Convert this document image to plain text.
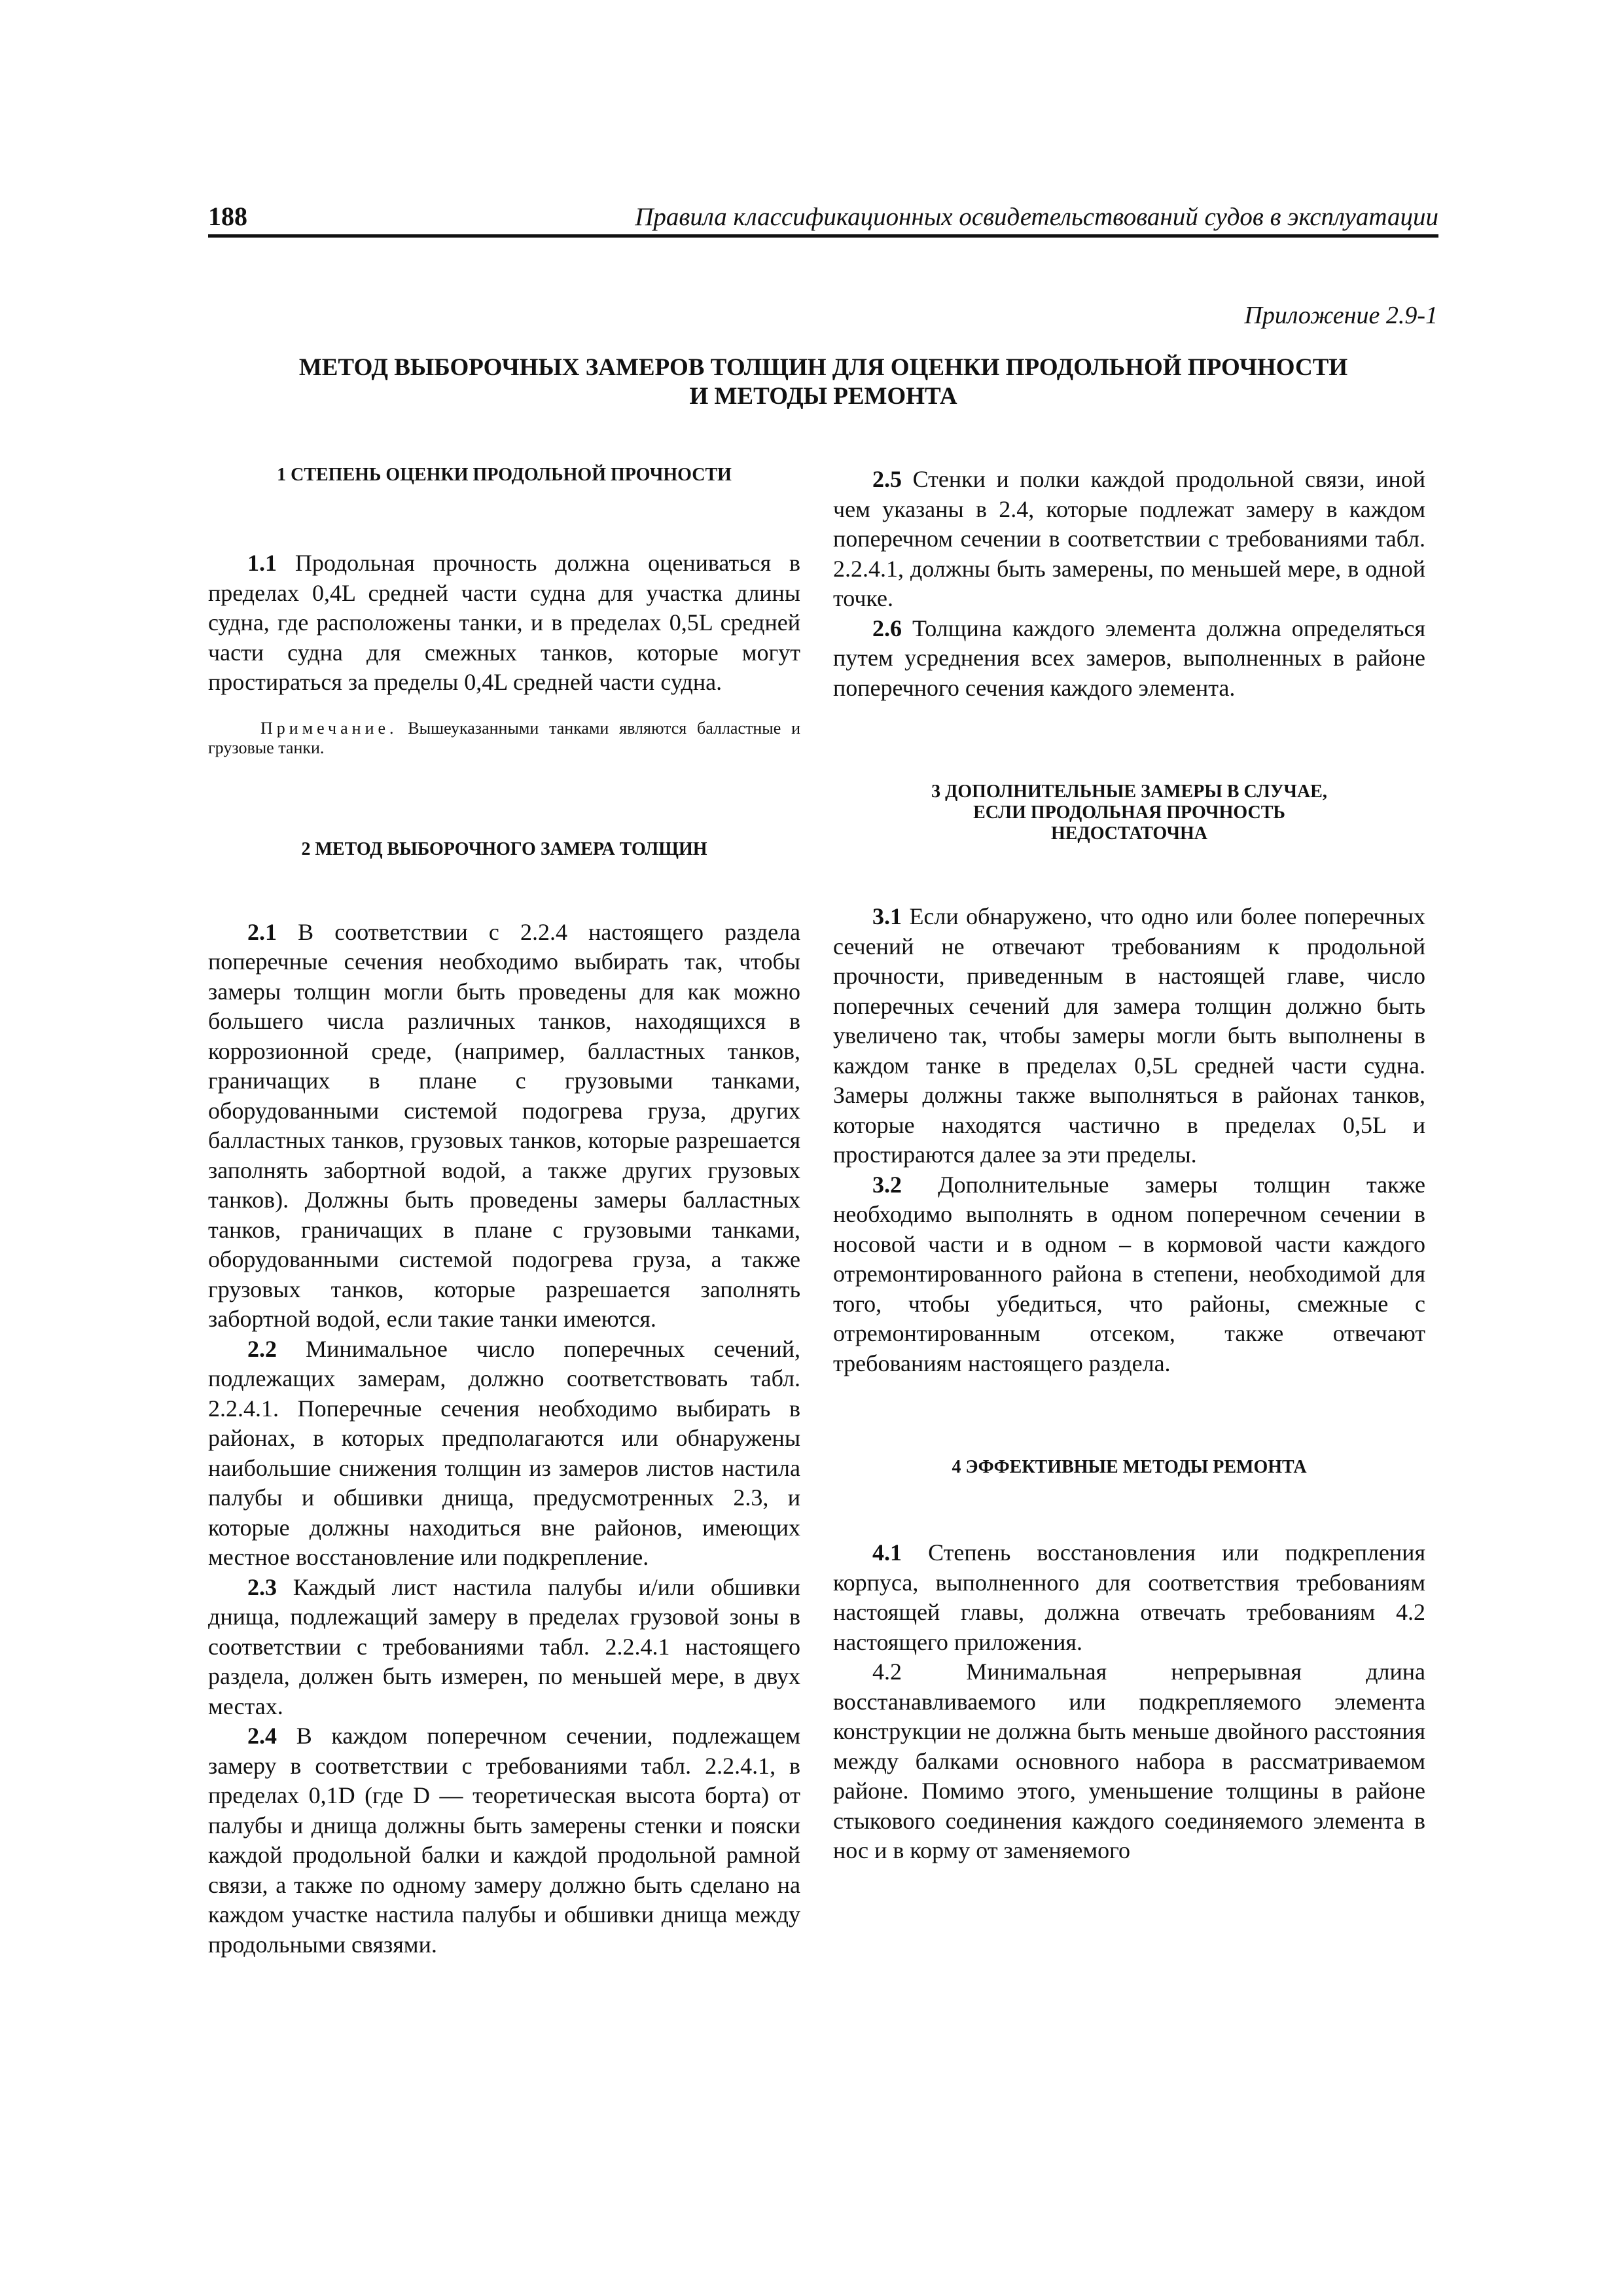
188	Правила классификационных освидетельствований судов в эксплуатации
Приложение 2.9-1
МЕТОД ВЫБОРОЧНЫХ ЗАМЕРОВ ТОЛЩИН ДЛЯ ОЦЕНКИ ПРОДОЛЬНОЙ ПРОЧНОСТИ
И МЕТОДЫ РЕМОНТА
1 СТЕПЕНЬ ОЦЕНКИ ПРОДОЛЬНОЙ ПРОЧНОСТИ

1.1 Продольная прочность должна оцениваться в пределах 0,4L средней части судна для участка длины судна, где расположены танки, и в пределах 0,5L средней части судна для смежных танков, которые могут простираться за пределы 0,4L средней части судна.

Примечание. Вышеуказанными танками являются балластные и грузовые танки.

2 МЕТОД ВЫБОРОЧНОГО ЗАМЕРА ТОЛЩИН

2.1 В соответствии с 2.2.4 настоящего раздела поперечные сечения необходимо выбирать так, чтобы замеры толщин могли быть проведены для как можно большего числа различных танков, находящихся в коррозионной среде, (например, балластных танков, граничащих в плане с грузовыми танками, оборудованными системой подогрева груза, других балластных танков, грузовых танков, которые разрешается заполнять забортной водой, а также других грузовых танков). Должны быть проведены замеры балластных танков, граничащих в плане с грузовыми танками, оборудованными системой подогрева груза, а также грузовых танков, которые разрешается заполнять забортной водой, если такие танки имеются.

2.2 Минимальное число поперечных сечений, подлежащих замерам, должно соответствовать табл. 2.2.4.1. Поперечные сечения необходимо выбирать в районах, в которых предполагаются или обнаружены наибольшие снижения толщин из замеров листов настила палубы и обшивки днища, предусмотренных 2.3, и которые должны находиться вне районов, имеющих местное восстановление или подкрепление.

2.3 Каждый лист настила палубы и/или обшивки днища, подлежащий замеру в пределах грузовой зоны в соответствии с требованиями табл. 2.2.4.1 настоящего раздела, должен быть измерен, по меньшей мере, в двух местах.

2.4 В каждом поперечном сечении, подлежащем замеру в соответствии с требованиями табл. 2.2.4.1, в пределах 0,1D (где D — теоретическая высота борта) от палубы и днища должны быть замерены стенки и пояски каждой продольной балки и каждой продольной рамной связи, а также по одному замеру должно быть сделано на каждом участке настила палубы и обшивки днища между продольными связями.

2.5 Стенки и полки каждой продольной связи, иной чем указаны в 2.4, которые подлежат замеру в каждом поперечном сечении в соответствии с требованиями табл. 2.2.4.1, должны быть замерены, по меньшей мере, в одной точке.

2.6 Толщина каждого элемента должна определяться путем усреднения всех замеров, выполненных в районе поперечного сечения каждого элемента.

3 ДОПОЛНИТЕЛЬНЫЕ ЗАМЕРЫ В СЛУЧАЕ,
ЕСЛИ ПРОДОЛЬНАЯ ПРОЧНОСТЬ
НЕДОСТАТОЧНА

3.1 Если обнаружено, что одно или более поперечных сечений не отвечают требованиям к продольной прочности, приведенным в настоящей главе, число поперечных сечений для замера толщин должно быть увеличено так, чтобы замеры могли быть выполнены в каждом танке в пределах 0,5L средней части судна. Замеры должны также выполняться в районах танков, которые находятся частично в пределах 0,5L и простираются далее за эти пределы.

3.2 Дополнительные замеры толщин также необходимо выполнять в одном поперечном сечении в носовой части и в одном – в кормовой части каждого отремонтированного района в степени, необходимой для того, чтобы убедиться, что районы, смежные с отремонтированным отсеком, также отвечают требованиям настоящего раздела.

4 ЭФФЕКТИВНЫЕ МЕТОДЫ РЕМОНТА

4.1 Степень восстановления или подкрепления корпуса, выполненного для соответствия требованиям настоящей главы, должна отвечать требованиям 4.2 настоящего приложения.

4.2 Минимальная непрерывная длина восстанавливаемого или подкрепляемого элемента конструкции не должна быть меньше двойного расстояния между балками основного набора в рассматриваемом районе. Помимо этого, уменьшение толщины в районе стыкового соединения каждого соединяемого элемента в нос и в корму от заменяемого
